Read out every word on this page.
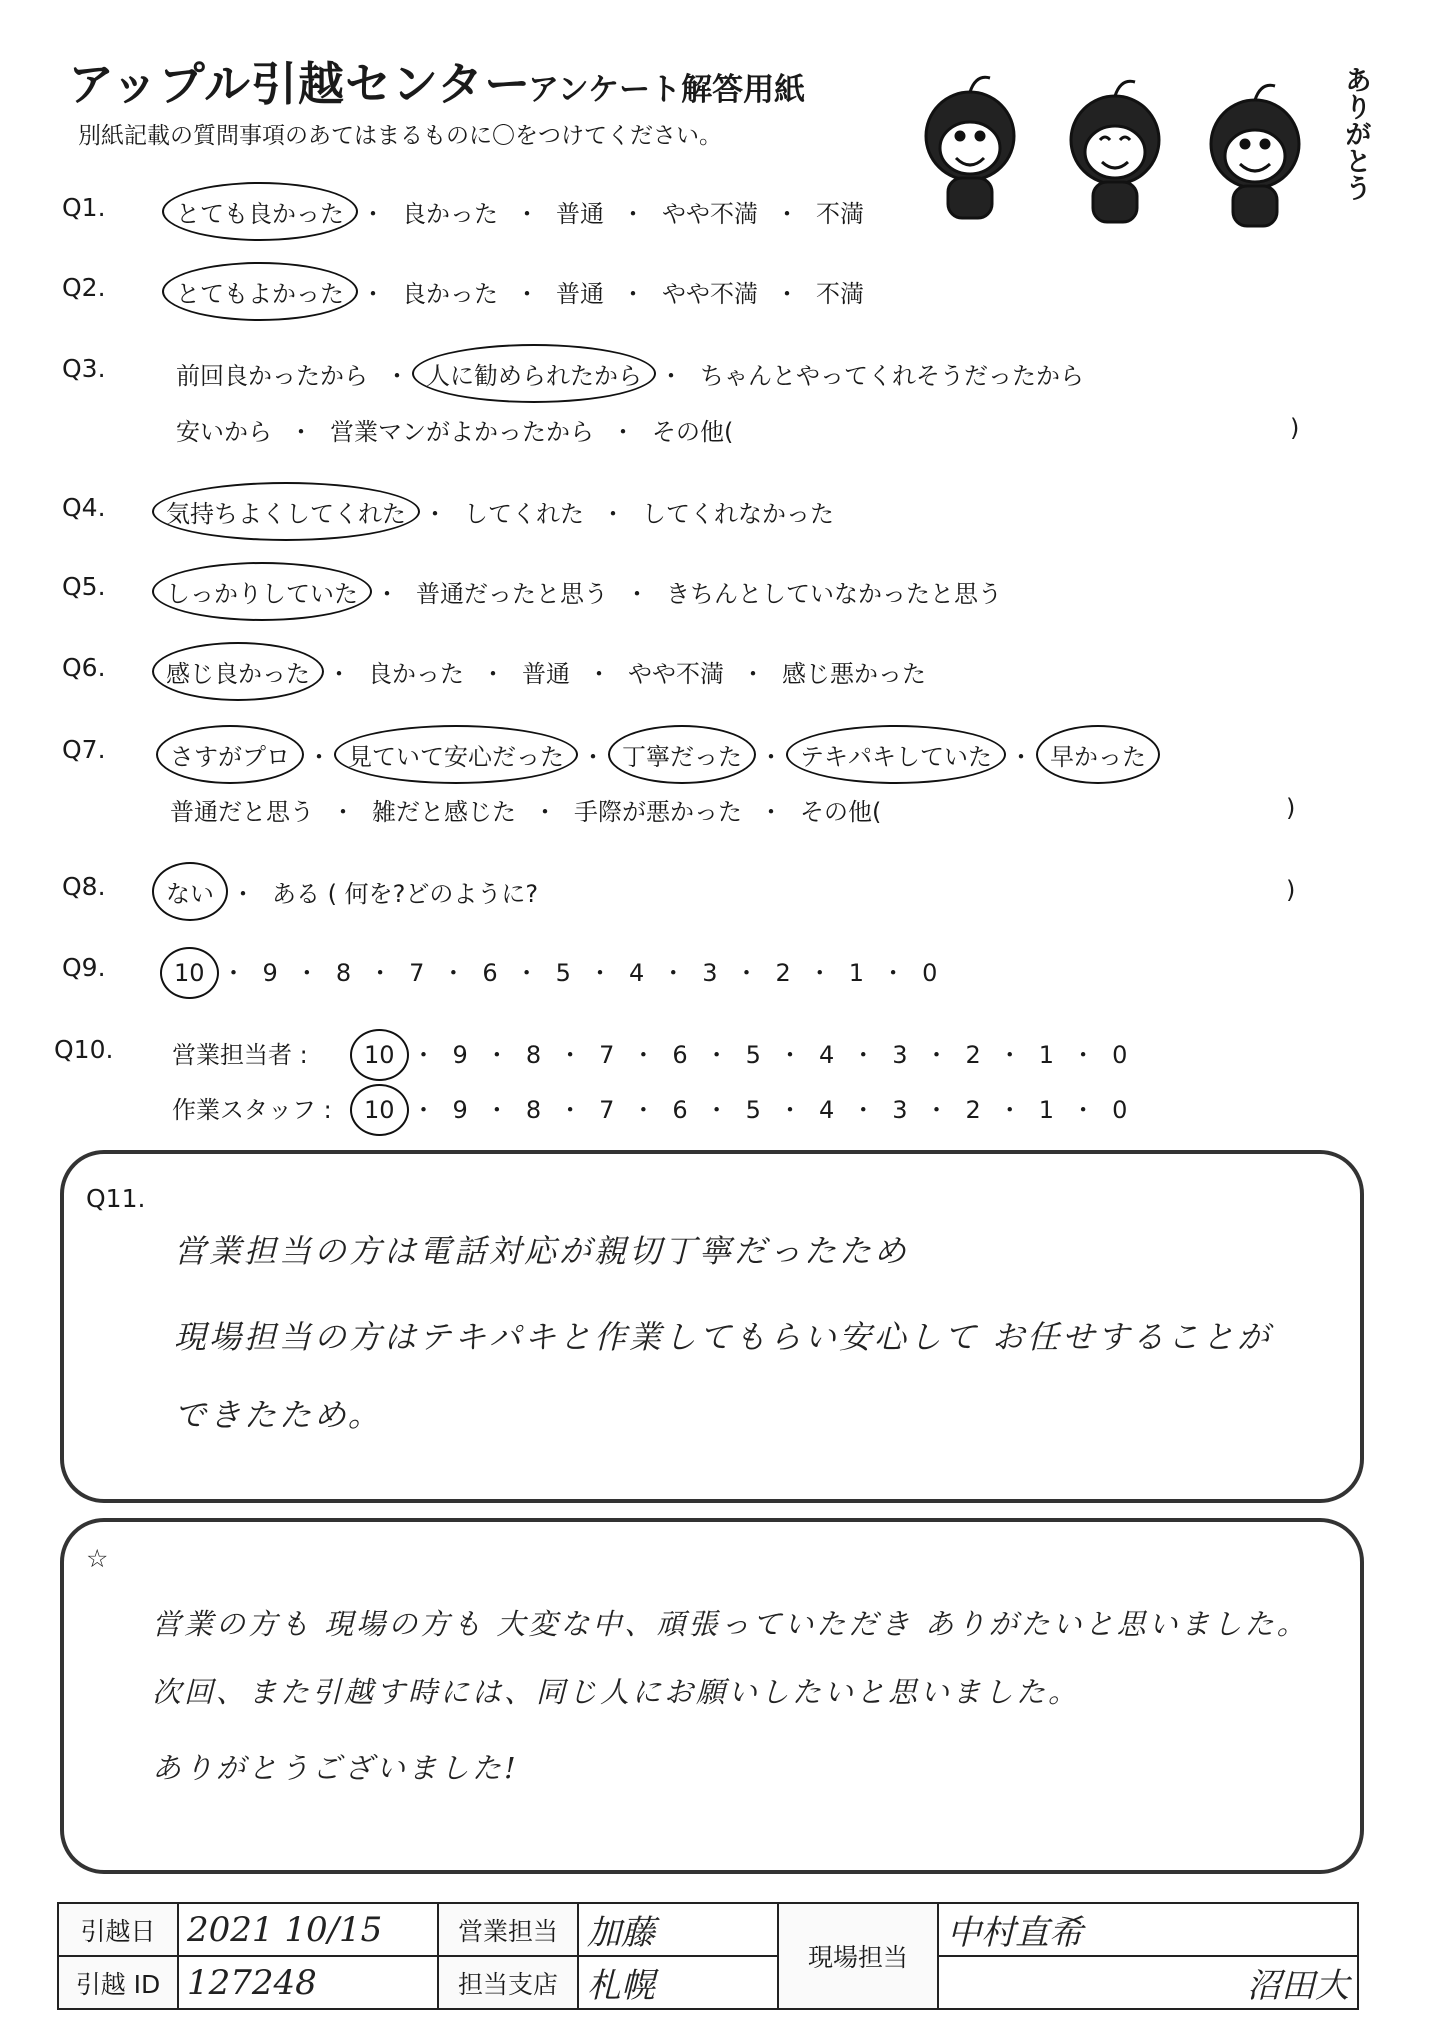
アップル引越センター
アンケート解答用紙
別紙記載の質問事項のあてはまるものに〇をつけてください。	ありがとう
Q1.	とても良かった ・ 良かった ・ 普通 ・ やや不満 ・ 不満
Q2.	とてもよかった ・ 良かった ・ 普通 ・ やや不満 ・ 不満
Q3.	前回良かったから ・ 人に勧められたから ・ ちゃんとやってくれそうだったから
安いから ・ 営業マンがよかったから ・ その他(	)
Q4.	気持ちよくしてくれた ・ してくれた ・ してくれなかった
Q5.	しっかりしていた ・ 普通だったと思う ・ きちんとしていなかったと思う
Q6.	感じ良かった ・ 良かった ・ 普通 ・ やや不満 ・ 感じ悪かった
Q7.	さすがプロ ・ 見ていて安心だった ・ 丁寧だった ・ テキパキしていた ・ 早かった
普通だと思う ・ 雑だと感じた ・ 手際が悪かった ・ その他(	)
Q8.	ない ・ ある ( 何を?どのように?	)
Q9.	10 ・ 9 ・ 8 ・ 7 ・ 6 ・ 5 ・ 4 ・ 3 ・ 2 ・ 1 ・ 0
Q10. 営業担当者 : 10 ・ 9 ・ 8 ・ 7 ・ 6 ・ 5 ・ 4 ・ 3 ・ 2 ・ 1 ・ 0
作業スタッフ : 10 ・ 9 ・ 8 ・ 7 ・ 6 ・ 5 ・ 4 ・ 3 ・ 2 ・ 1 ・ 0
Q11.
営業担当の方は電話対応が親切丁寧だったため
現場担当の方はテキパキと作業してもらい安心して お任せすることが
できたため。
☆
営業の方も 現場の方も 大変な中、頑張っていただき ありがたいと思いました。
次回、また引越す時には、同じ人にお願いしたいと思いました。
ありがとうございました!
引越日	2021 10/15	営業担当	加藤	現場担当	中村直希
引越 ID	127248	担当支店	札幌		沼田大
